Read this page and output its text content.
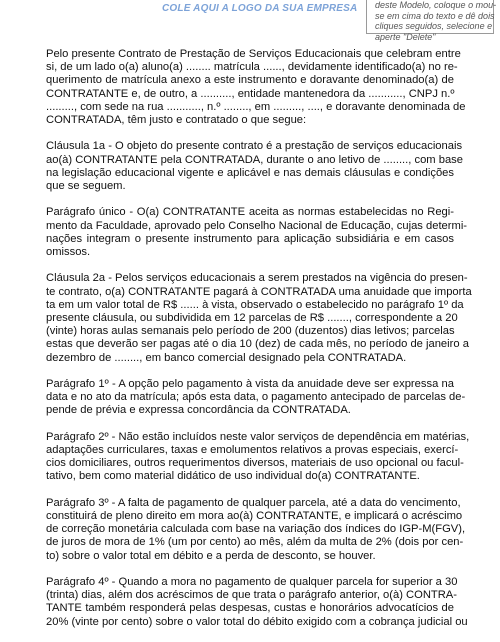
COLE AQUI A LOGO DA SUA EMPRESA	deste Modelo, coloque o mou-
se em cima do texto e dê dois
cliques seguidos, selecione e
aperte "Delete"
Pelo presente Contrato de Prestação de Serviços Educacionais que celebram entre
si, de um lado o(a) aluno(a) ........ matrícula ......, devidamente identificado(a) no re-
querimento de matrícula anexo a este instrumento e doravante denominado(a) de
CONTRATANTE e, de outro, a .........., entidade mantenedora da ..........., CNPJ n.º
........., com sede na rua ..........., n.º ........, em ........., ...., e doravante denominada de
CONTRATADA, têm justo e contratado o que segue:
Cláusula 1a - O objeto do presente contrato é a prestação de serviços educacionais
ao(à) CONTRATANTE pela CONTRATADA, durante o ano letivo de ........, com base
na legislação educacional vigente e aplicável e nas demais cláusulas e condições
que se seguem.
Parágrafo único - O(a) CONTRATANTE aceita as normas estabelecidas no Regi-
mento da Faculdade, aprovado pelo Conselho Nacional de Educação, cujas determi-
nações integram o presente instrumento para aplicação subsidiária e em casos
omissos.
Cláusula 2a - Pelos serviços educacionais a serem prestados na vigência do presen-
te contrato, o(a) CONTRATANTE pagará à CONTRATADA uma anuidade que importa
ta em um valor total de R$ ...... à vista, observado o estabelecido no parágrafo 1º da
presente cláusula, ou subdividida em 12 parcelas de R$ ......., correspondente a 20
(vinte) horas aulas semanais pelo período de 200 (duzentos) dias letivos; parcelas
estas que deverão ser pagas até o dia 10 (dez) de cada mês, no período de janeiro a
dezembro de ........, em banco comercial designado pela CONTRATADA.
Parágrafo 1º - A opção pelo pagamento à vista da anuidade deve ser expressa na
data e no ato da matrícula; após esta data, o pagamento antecipado de parcelas de-
pende de prévia e expressa concordância da CONTRATADA.
Parágrafo 2º - Não estão incluídos neste valor serviços de dependência em matérias,
adaptações curriculares, taxas e emolumentos relativos a provas especiais, exercí-
cios domiciliares, outros requerimentos diversos, materiais de uso opcional ou facul-
tativo, bem como material didático de uso individual do(a) CONTRATANTE.
Parágrafo 3º - A falta de pagamento de qualquer parcela, até a data do vencimento,
constituirá de pleno direito em mora ao(à) CONTRATANTE, e implicará o acréscimo
de correção monetária calculada com base na variação dos índices do IGP-M(FGV),
de juros de mora de 1% (um por cento) ao mês, além da multa de 2% (dois por cen-
to) sobre o valor total em débito e a perda de desconto, se houver.
Parágrafo 4º - Quando a mora no pagamento de qualquer parcela for superior a 30
(trinta) dias, além dos acréscimos de que trata o parágrafo anterior, o(à) CONTRA-
TANTE também responderá pelas despesas, custas e honorários advocatícios de
20% (vinte por cento) sobre o valor total do débito exigido com a cobrança judicial ou
